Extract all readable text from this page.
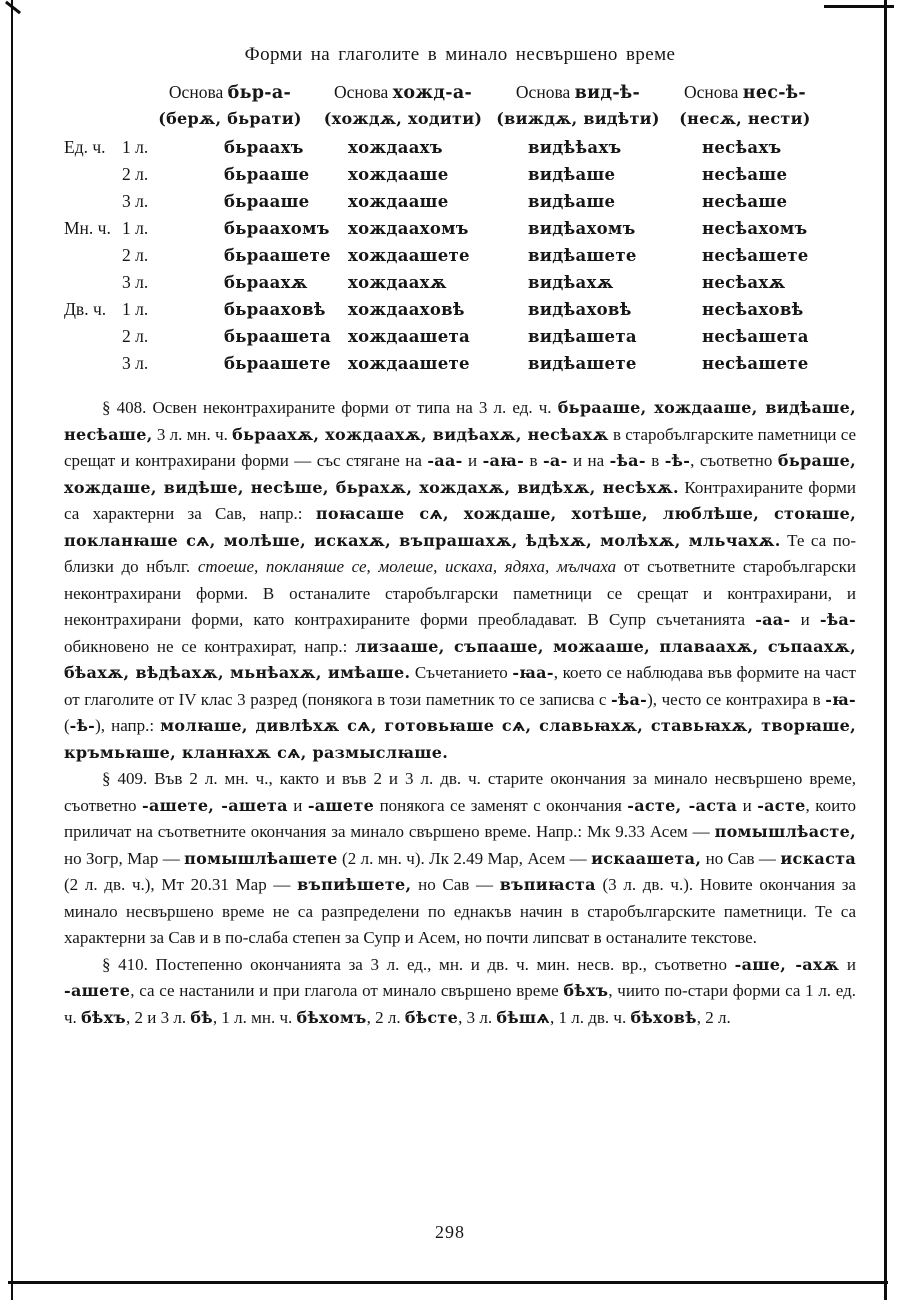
Форми на глаголите в минало несвършено време
Основа бьр-а-	Основа хожд-а-	Основа вид-ѣ-	Основа нес-ѣ-
(берѫ, бьрати)	(хождѫ, ходити) (виждѫ, видѣти)	(несѫ, нести)
Ед. ч. 1 л.	бьраахъ	хождаахъ	видѣѣахъ	несѣахъ
2 л.	бьрааше	хождааше	видѣаше	несѣаше
3 л.	бьрааше	хождааше	видѣаше	несѣаше
Мн. ч. 1 л.	бьраахомъ	хождаахомъ	видѣахомъ	несѣахомъ
2 л.	бьраашете	хождаашете	видѣашете	несѣашете
3 л.	бьраахѫ	хождаахѫ	видѣахѫ	несѣахѫ
Дв. ч. 1 л.	бьрааховѣ	хождааховѣ	видѣаховѣ	несѣаховѣ
2 л.	бьраашета	хождаашета	видѣашета	несѣашета
3 л.	бьраашете	хождаашете	видѣашете	несѣашете

§ 408. Освен неконтрахираните форми от типа на 3 л. ед. ч. бьрааше, хождааше, видѣаше, несѣаше, 3 л. мн. ч. бьраахѫ, хождаахѫ, видѣахѫ, несѣахѫ в старобългарските паметници се срещат и контрахирани форми — със стягане на -аа- и -аꙗ- в -а- и на -ѣа- в -ѣ-, съответно бьраше, хождаше, видѣше, несѣше, бьрахѫ, хождахѫ, видѣхѫ, несѣхѫ. Контрахираните форми са характерни за Сав, напр.: поꙗсаше сѧ, хождаше, хотѣше, люблѣше, стоꙗше, покланꙗше сѧ, молѣше, искахѫ, въпрашахѫ, ѣдѣхѫ, молѣхѫ, мльчахѫ. Те са по-близки до нбълг. стоеше, покланяше се, молеше, искаха, ядяха, мълчаха от съответните старобългарски неконтрахирани форми. В останалите старобългарски паметници се срещат и контрахирани, и неконтрахирани форми, като контрахираните форми преобладават. В Супр съчетанията -аа- и -ѣа- обикновено не се контрахират, напр.: лизааше, съпааше, можааше, плаваахѫ, съпаахѫ, бѣахѫ, вѣдѣахѫ, мьнѣахѫ, имѣаше. Съчетанието -ꙗа-, което се наблюдава във формите на част от глаголите от IV клас 3 разред (понякога в този паметник то се записва с -ѣа-), често се контрахира в -ꙗ- (-ѣ-), напр.: молꙗше, дивлѣхѫ сѧ, готовьꙗше сѧ, славьꙗхѫ, ставьꙗхѫ, творꙗше, кръмьꙗше, кланꙗхѫ сѧ, размыслꙗше.

§ 409. Във 2 л. мн. ч., както и във 2 и 3 л. дв. ч. старите окончания за минало несвършено време, съответно -ашете, -ашета и -ашете понякога се заменят с окончания -асте, -аста и -асте, които приличат на съответните окончания за минало свършено време. Напр.: Мк 9.33 Асем — помышлѣасте, но Зогр, Мар — помышлѣашете (2 л. мн. ч). Лк 2.49 Мар, Асем — искаашета, но Сав — искаста (2 л. дв. ч.), Мт 20.31 Мар — въпиѣшете, но Сав — въпиꙗста (3 л. дв. ч.). Новите окончания за минало несвършено време не са разпределени по еднакъв начин в старобългарските паметници. Те са характерни за Сав и в по-слаба степен за Супр и Асем, но почти липсват в останалите текстове.

§ 410. Постепенно окончанията за 3 л. ед., мн. и дв. ч. мин. несв. вр., съответно -аше, -ахѫ и -ашете, са се настанили и при глагола от минало свършено време бѣхъ, чиито по-стари форми са 1 л. ед. ч. бѣхъ, 2 и 3 л. бѣ, 1 л. мн. ч. бѣхомъ, 2 л. бѣсте, 3 л. бѣшѧ, 1 л. дв. ч. бѣховѣ, 2 л.

298
